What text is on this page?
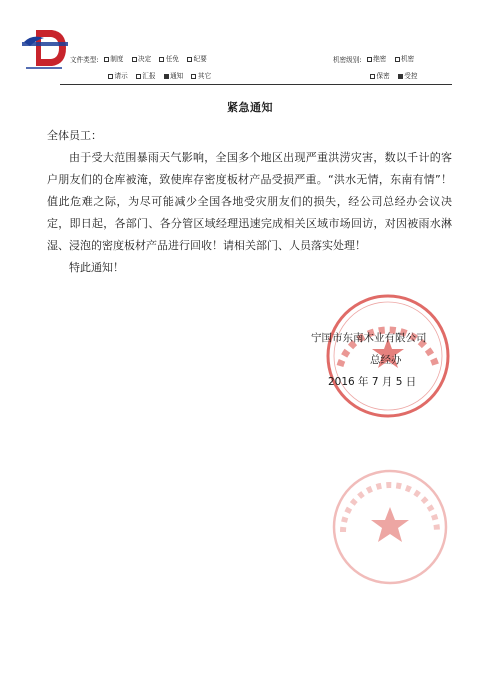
文件类型: 制度
决定
任免
纪要	机密级别: 绝密
机密
请示
汇报
通知
其它	保密
受控
紧急通知

全体员工：

由于受大范围暴雨天气影响，全国多个地区出现严重洪涝灾害，数以千计的客户朋友们的仓库被淹，致使库存密度板材产品受损严重。“洪水无情，东南有情”！值此危难之际，为尽可能减少全国各地受灾朋友们的损失，经公司总经办会议决定，即日起，各部门、各分管区域经理迅速完成相关区域市场回访，对因被雨水淋湿、浸泡的密度板材产品进行回收！请相关部门、人员落实处理！

特此通知！

宁国市东南木业有限公司
总经办
2016 年 7 月 5 日
